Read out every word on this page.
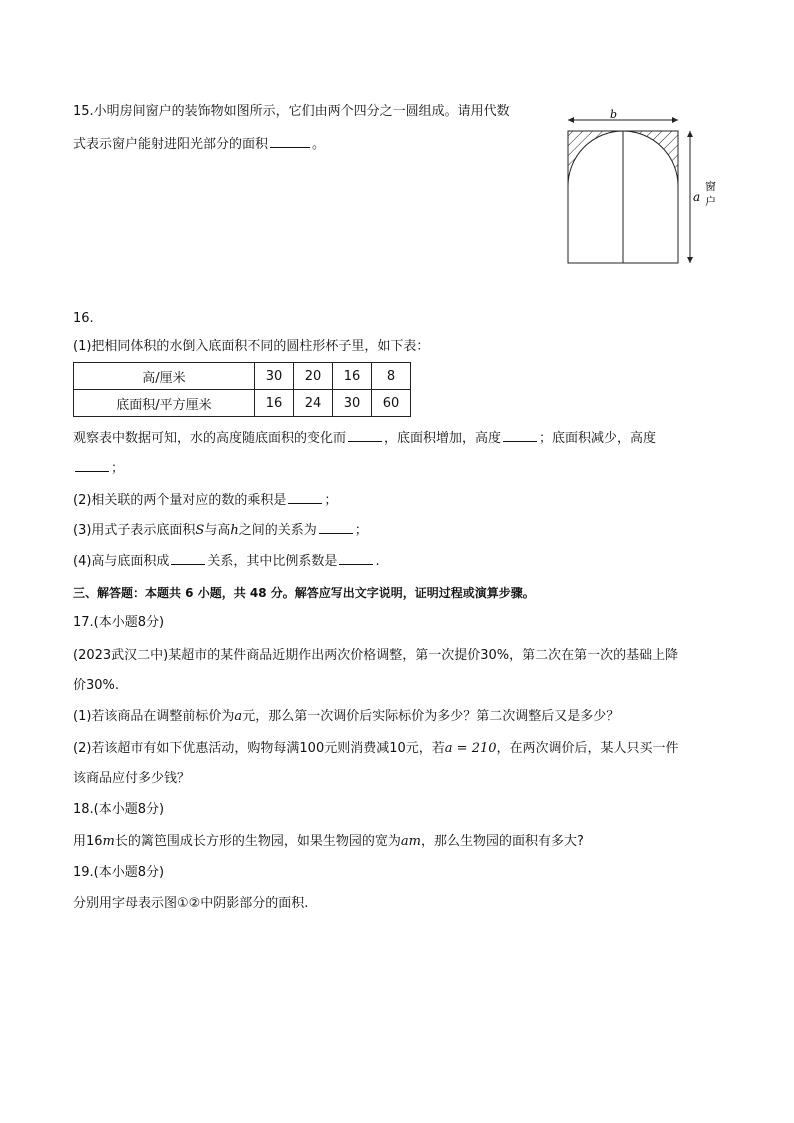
15.小明房间窗户的装饰物如图所示，它们由两个四分之一圆组成。请用代数
式表示窗户能射进阳光部分的面积	。
b
a
窗
户
16.
(1)把相同体积的水倒入底面积不同的圆柱形杯子里，如下表：
高/厘米	30	20	16	8
底面积/平方厘米	16	24	30	60
观察表中数据可知，水的高度随底面积的变化而	，底面积增加，高度	；底面积减少，高度
；
(2)相关联的两个量对应的数的乘积是	；
(3)用式子表示底面积S与高h之间的关系为	；
(4)高与底面积成	关系，其中比例系数是	.
三、解答题：本题共 6 小题，共 48 分。解答应写出文字说明，证明过程或演算步骤。
17.(本小题8分)
(2023武汉二中)某超市的某件商品近期作出两次价格调整，第一次提价30%，第二次在第一次的基础上降
价30%.
(1)若该商品在调整前标价为a元，那么第一次调价后实际标价为多少？第二次调整后又是多少？
(2)若该超市有如下优惠活动，购物每满100元则消费减10元，若a = 210，在两次调价后，某人只买一件
该商品应付多少钱？
18.(本小题8分)
用16m长的篱笆围成长方形的生物园，如果生物园的宽为am，那么生物园的面积有多大?
19.(本小题8分)
分别用字母表示图①②中阴影部分的面积.
